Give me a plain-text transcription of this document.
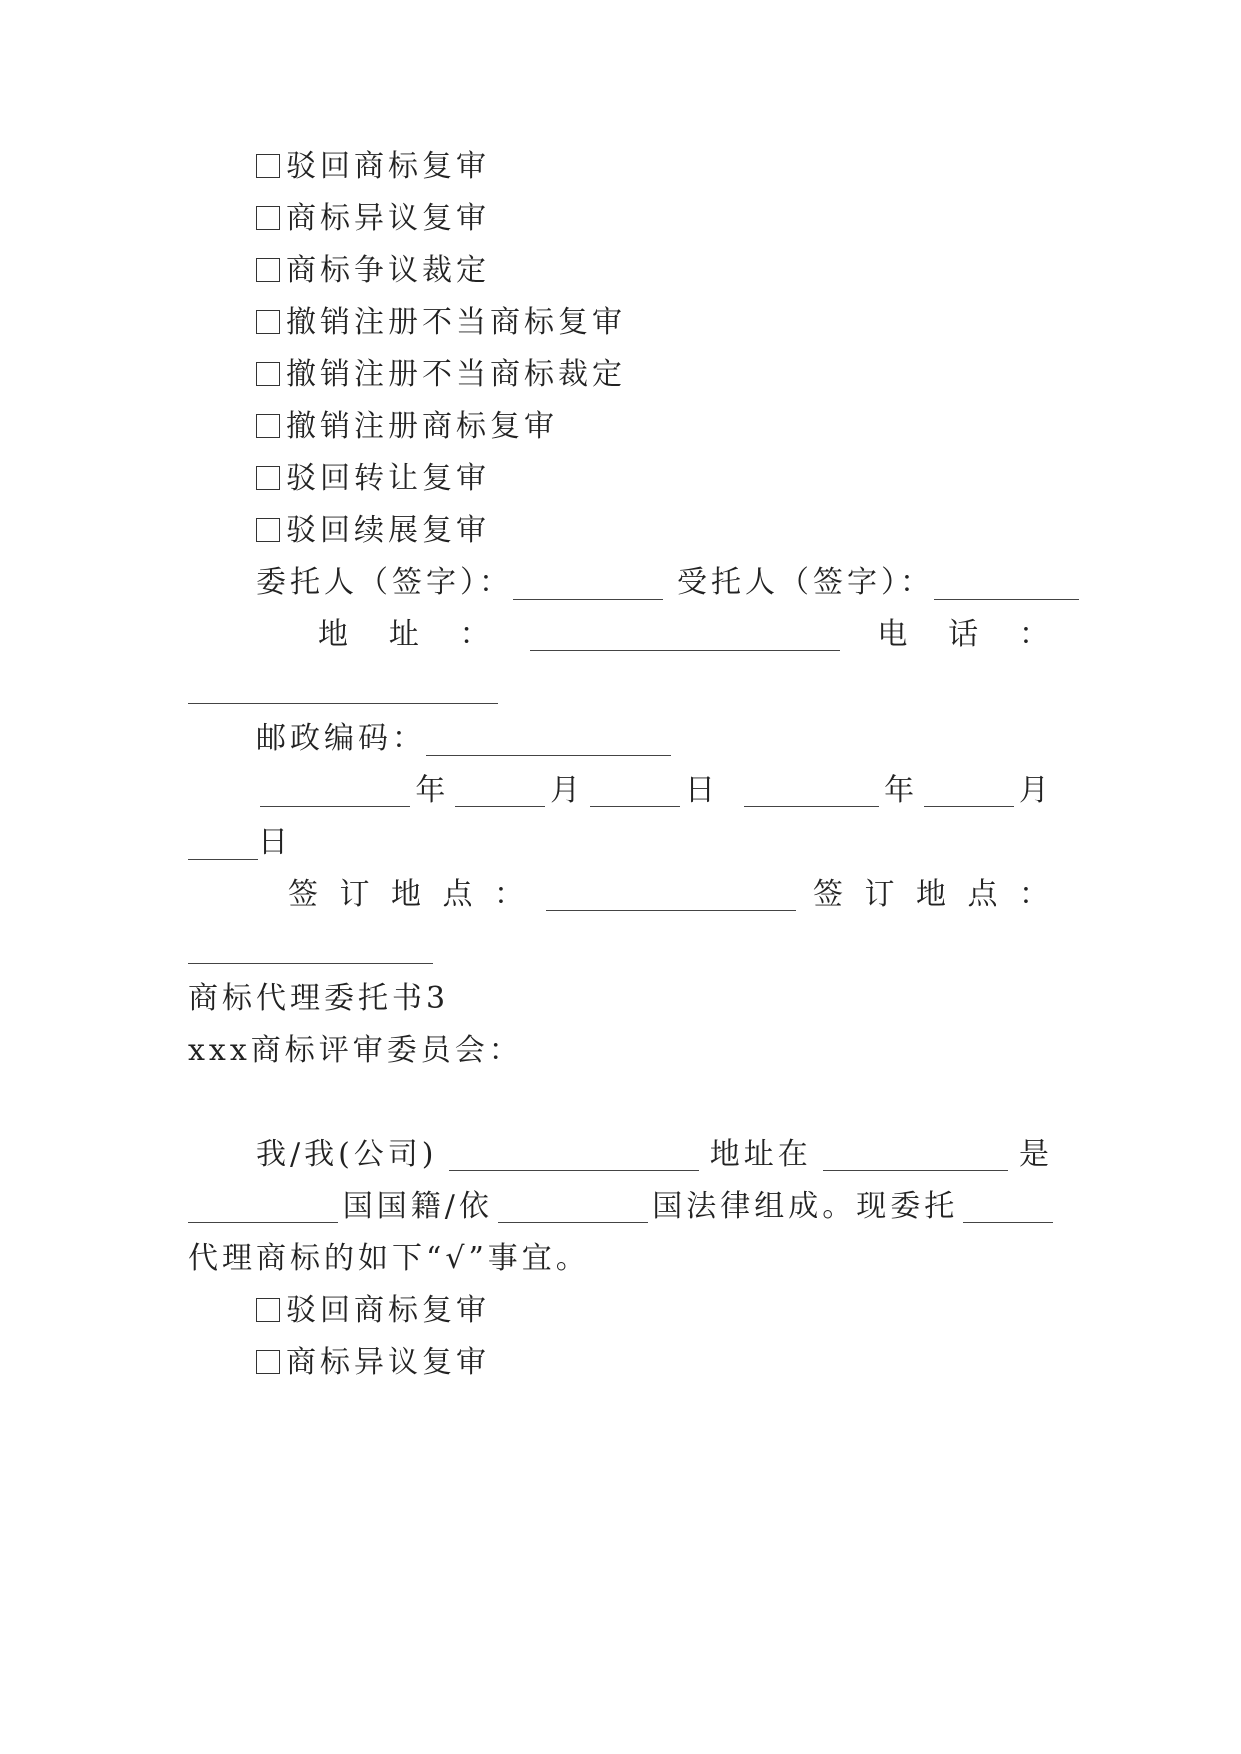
驳回商标复审
商标异议复审
商标争议裁定
撤销注册不当商标复审
撤销注册不当商标裁定
撤销注册商标复审
驳回转让复审
驳回续展复审
委托人（签字）：	受托人（签字）：
地 址 ：	电 话 ：
邮政编码：
年	月	日	年	月
日
签 订 地 点 ：	签 订 地 点 ：
商标代理委托书3
xxx商标评审委员会：
我/我(公司)	地址在	是
国国籍/依	国法律组成。现委托
代理商标的如下“√”事宜。
驳回商标复审
商标异议复审
